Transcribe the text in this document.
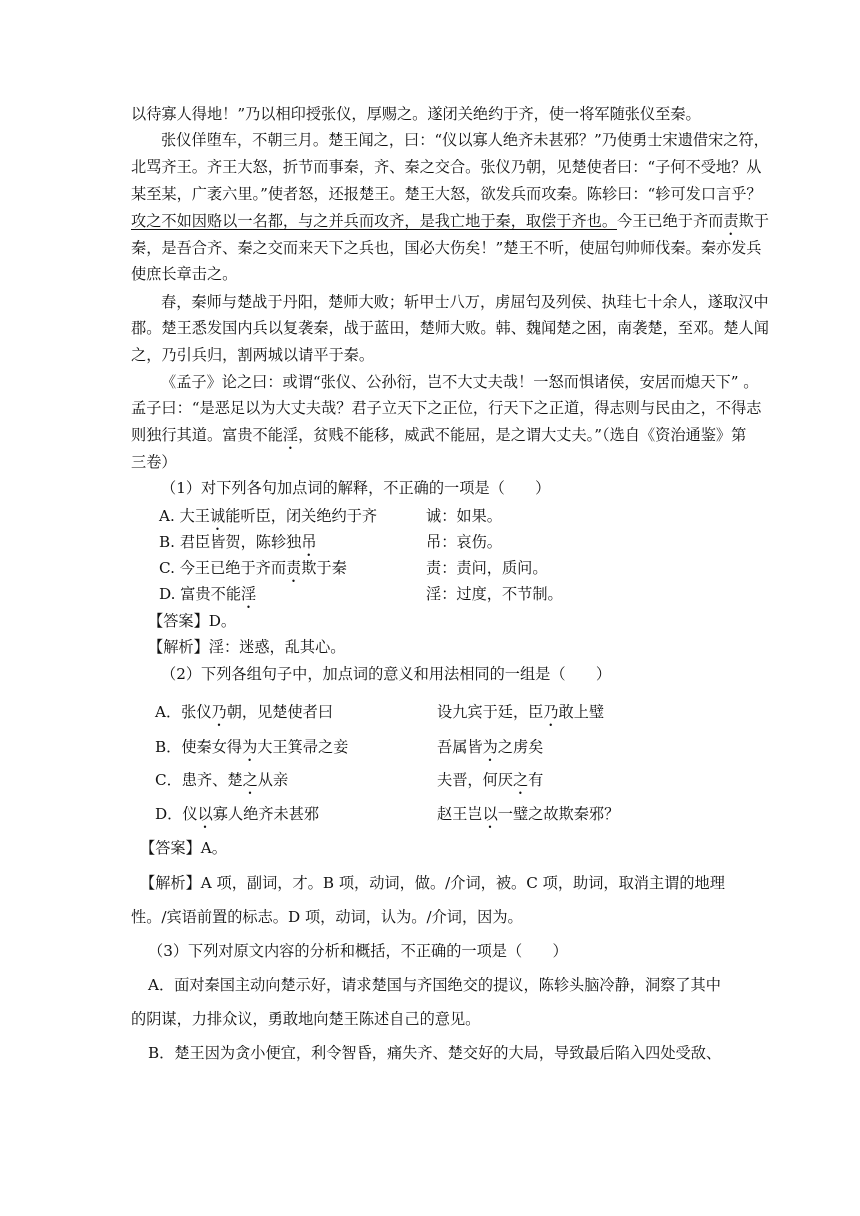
以待寡人得地！”乃以相印授张仪，厚赐之。遂闭关绝约于齐，使一将军随张仪至秦。
张仪佯堕车，不朝三月。楚王闻之，曰：“仪以寡人绝齐未甚邪？”乃使勇士宋遗借宋之符，
北骂齐王。齐王大怒，折节而事秦，齐、秦之交合。张仪乃朝，见楚使者曰：“子何不受地？从
某至某，广袤六里。”使者怒，还报楚王。楚王大怒，欲发兵而攻秦。陈轸曰：“轸可发口言乎？
攻之不如因赂以一名都，与之并兵而攻齐，是我亡地于秦，取偿于齐也。今王已绝于齐而责欺于
秦，是吾合齐、秦之交而来天下之兵也，国必大伤矣！”楚王不听，使屈匄帅师伐秦。秦亦发兵
使庶长章击之。
春，秦师与楚战于丹阳，楚师大败；斩甲士八万，虏屈匄及列侯、执珪七十余人，遂取汉中
郡。楚王悉发国内兵以复袭秦，战于蓝田，楚师大败。韩、魏闻楚之困，南袭楚，至邓。楚人闻
之，乃引兵归，割两城以请平于秦。
《孟子》论之曰：或谓“张仪、公孙衍，岂不大丈夫哉！一怒而惧诸侯，安居而熄天下” 。
孟子曰：“是恶足以为大丈夫哉？君子立天下之正位，行天下之正道，得志则与民由之，不得志
则独行其道。富贵不能淫，贫贱不能移，威武不能屈，是之谓大丈夫。”（选自《资治通鉴》第
三卷）
（1）对下列各句加点词的解释，不正确的一项是（　　）
A. 大王诚能听臣，闭关绝约于齐	诚：如果。
B. 君臣皆贺，陈轸独吊	吊：哀伤。
C. 今王已绝于齐而责欺于秦	责：责问，质问。
D. 富贵不能淫	淫：过度，不节制。
【答案】D。
【解析】淫：迷惑，乱其心。
（2）下列各组句子中，加点词的意义和用法相同的一组是（　　）
A．张仪乃朝，见楚使者曰	设九宾于廷，臣乃敢上璧
B．使秦女得为大王箕帚之妾	吾属皆为之虏矣
C．患齐、楚之从亲	夫晋，何厌之有
D．仪以寡人绝齐未甚邪	赵王岂以一璧之故欺秦邪？
【答案】A。
【解析】A 项，副词，才。B 项，动词，做。/介词，被。C 项，助词，取消主谓的地理
性。/宾语前置的标志。D 项，动词，认为。/介词，因为。
（3）下列对原文内容的分析和概括，不正确的一项是（　　）
A．面对秦国主动向楚示好，请求楚国与齐国绝交的提议，陈轸头脑冷静，洞察了其中
的阴谋，力排众议，勇敢地向楚王陈述自己的意见。
B．楚王因为贪小便宜，利令智昏，痛失齐、楚交好的大局，导致最后陷入四处受敌、
